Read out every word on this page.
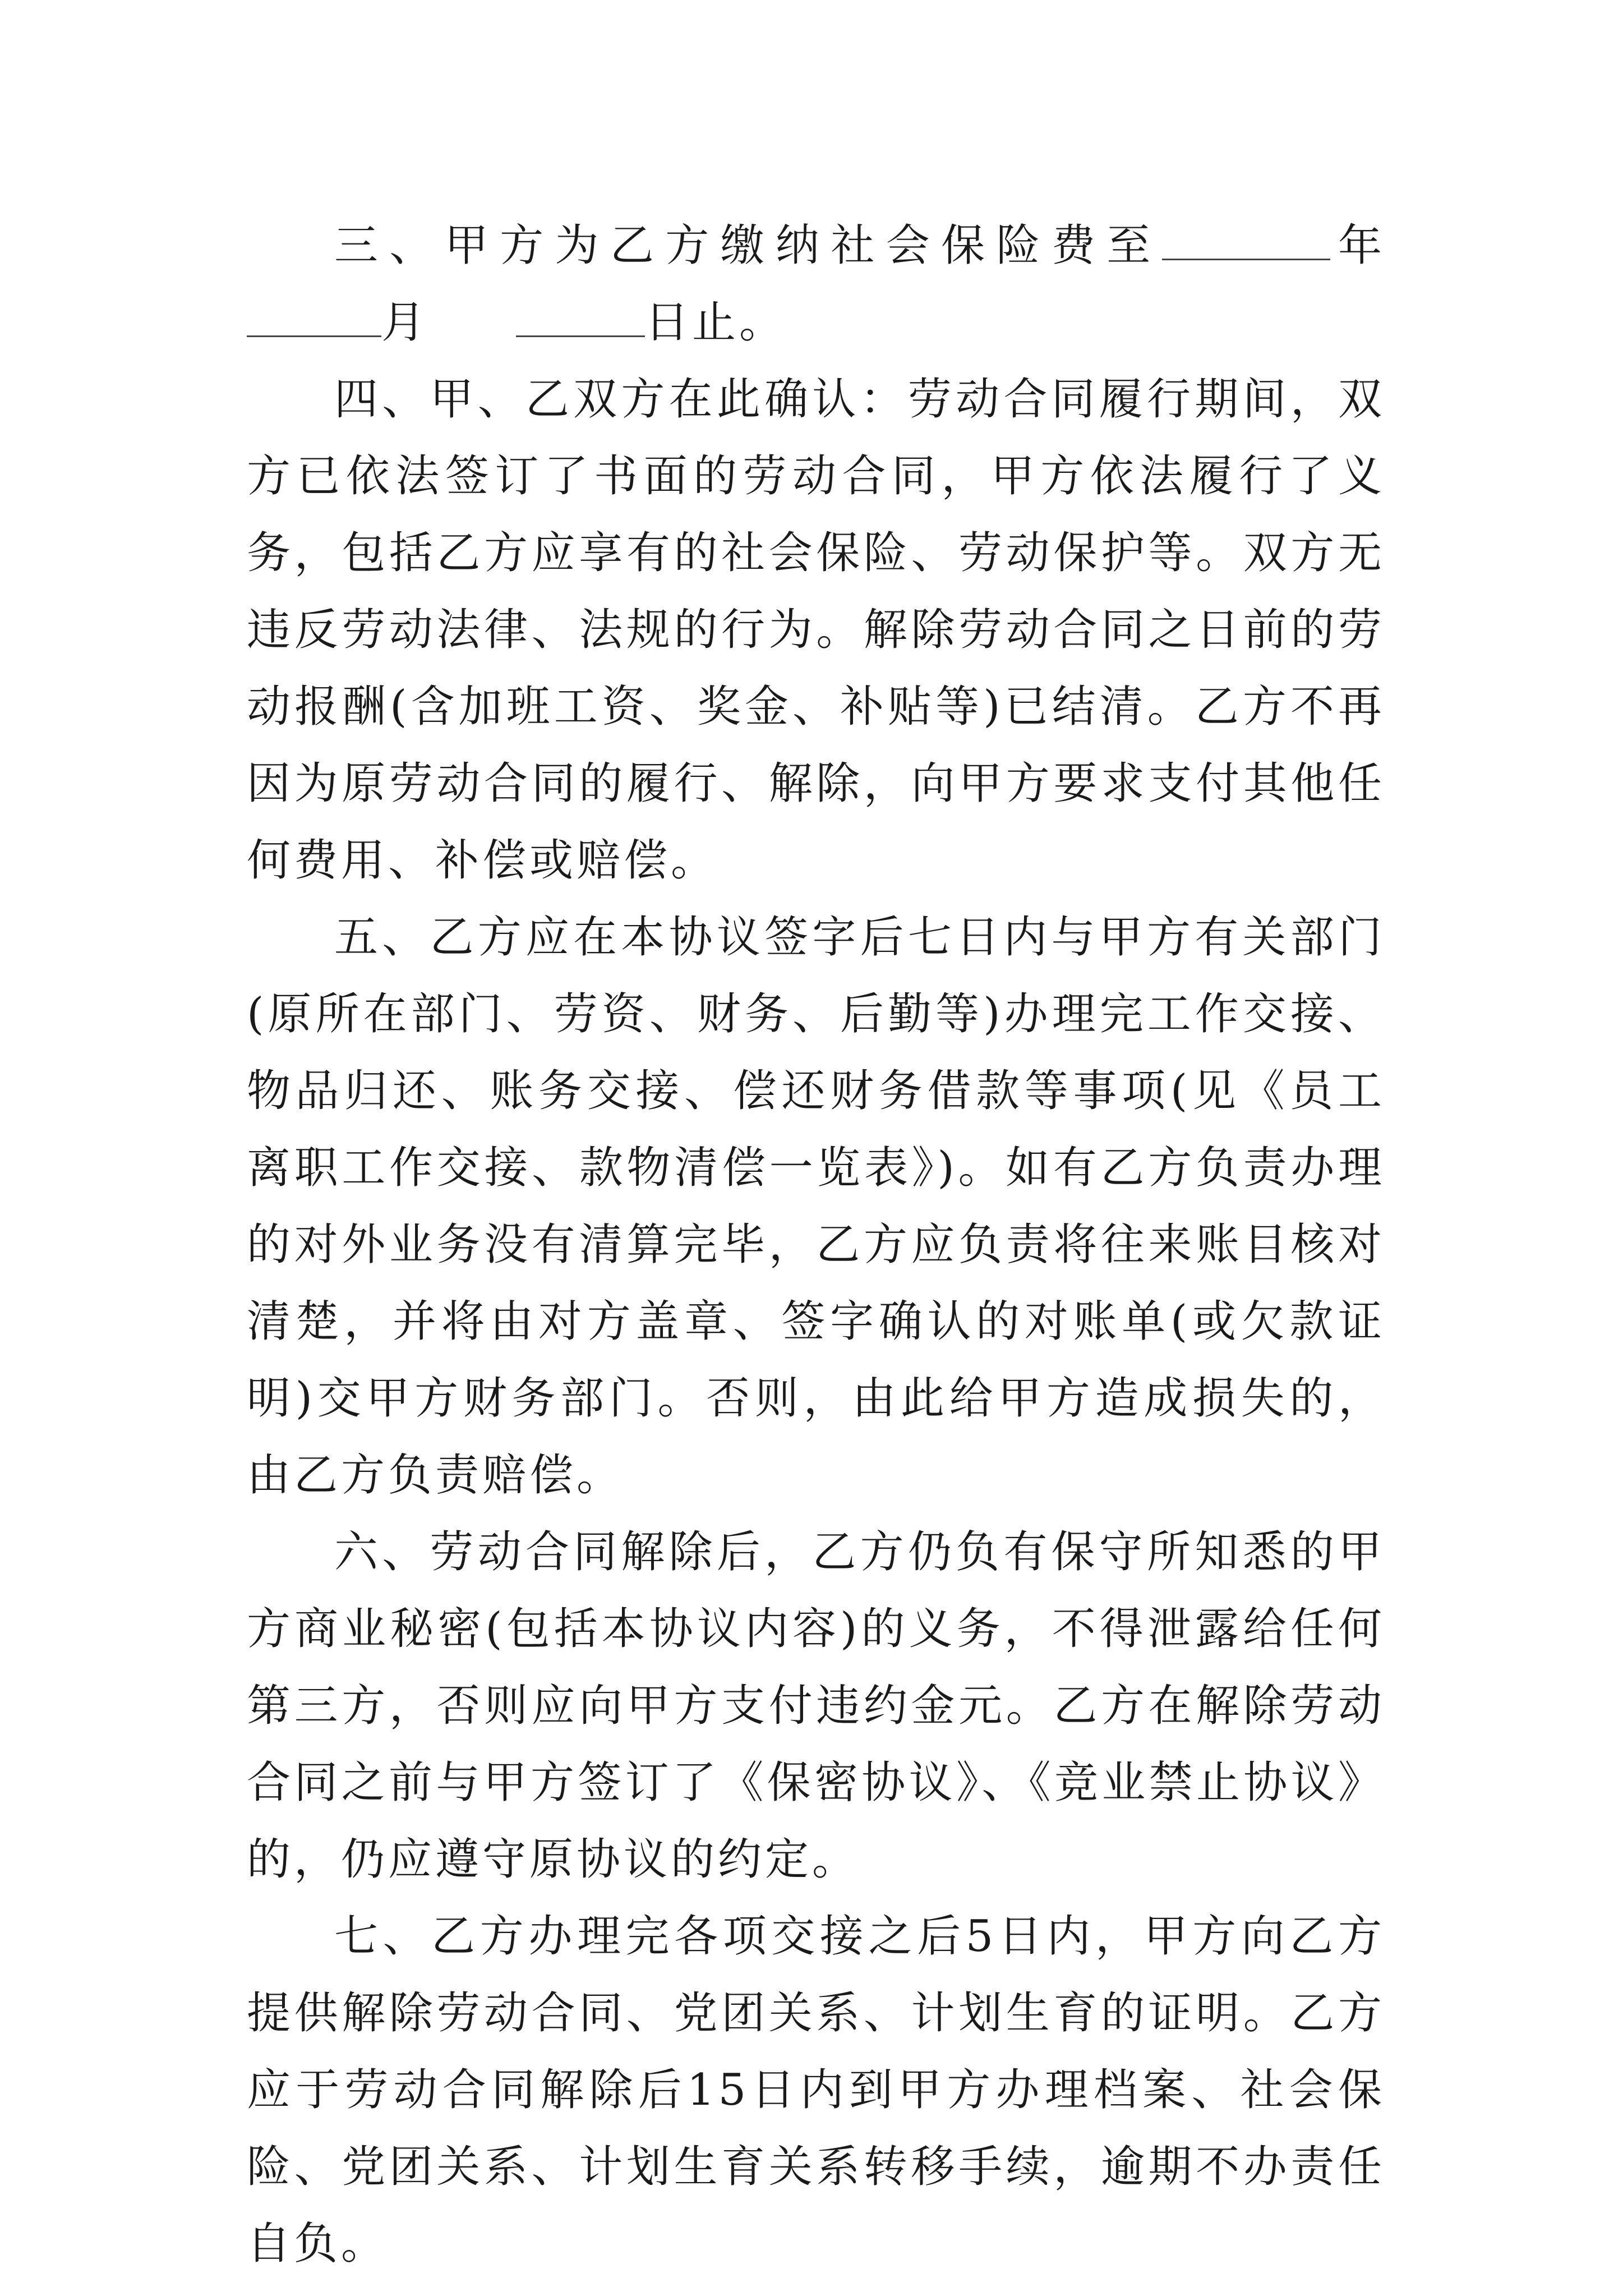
三、甲方为乙方缴纳社会保险费至	年月	日止。

四、甲、乙双方在此确认：劳动合同履行期间，双方已依法签订了书面的劳动合同，甲方依法履行了义务，包括乙方应享有的社会保险、劳动保护等。双方无违反劳动法律、法规的行为。解除劳动合同之日前的劳动报酬(含加班工资、奖金、补贴等)已结清。乙方不再因为原劳动合同的履行、解除，向甲方要求支付其他任何费用、补偿或赔偿。

五、乙方应在本协议签字后七日内与甲方有关部门(原所在部门、劳资、财务、后勤等)办理完工作交接、物品归还、账务交接、偿还财务借款等事项(见《员工离职工作交接、款物清偿一览表》)。如有乙方负责办理的对外业务没有清算完毕，乙方应负责将往来账目核对清楚，并将由对方盖章、签字确认的对账单(或欠款证明)交甲方财务部门。否则，由此给甲方造成损失的，由乙方负责赔偿。

六、劳动合同解除后，乙方仍负有保守所知悉的甲方商业秘密(包括本协议内容)的义务，不得泄露给任何第三方，否则应向甲方支付违约金元。乙方在解除劳动合同之前与甲方签订了《保密协议》、《竞业禁止协议》的，仍应遵守原协议的约定。

七、乙方办理完各项交接之后5日内，甲方向乙方提供解除劳动合同、党团关系、计划生育的证明。乙方应于劳动合同解除后15日内到甲方办理档案、社会保险、党团关系、计划生育关系转移手续，逾期不办责任自负。
